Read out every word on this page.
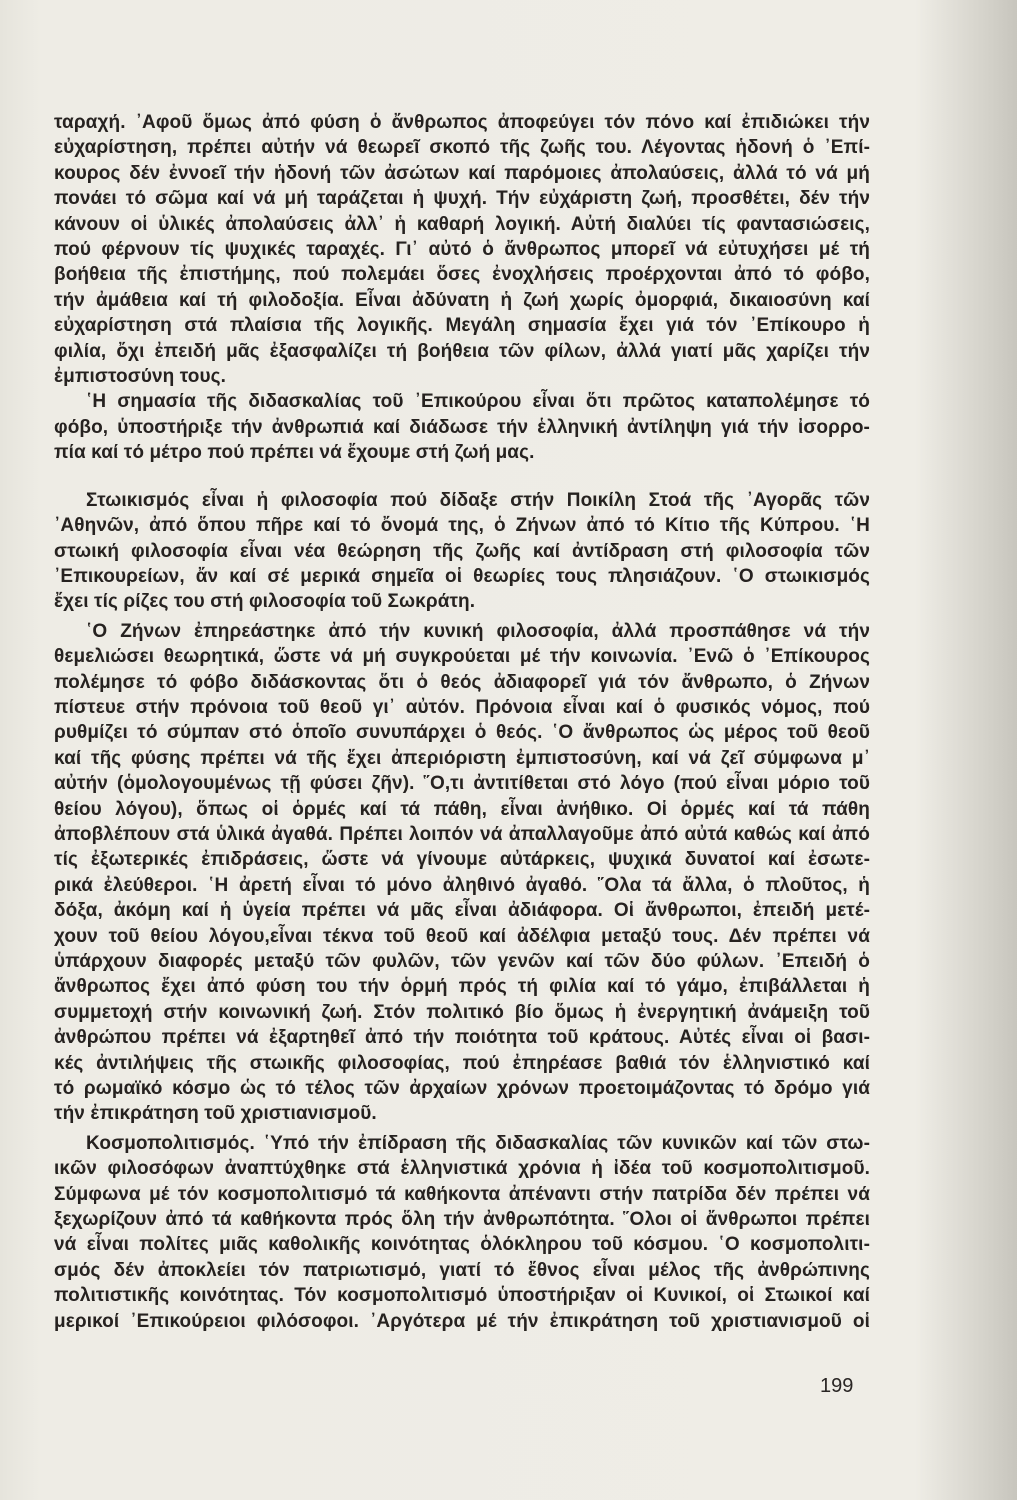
ταραχή. ᾿Αφοῦ ὅμως ἀπό φύση ὁ ἄνθρωπος ἀποφεύγει τόν πόνο καί ἐπιδιώκει τήν
εὐχαρίστηση, πρέπει αὐτήν νά θεωρεῖ σκοπό τῆς ζωῆς του. Λέγοντας ἡδονή ὁ ᾿Επί-
κουρος δέν ἐννοεῖ τήν ἡδονή τῶν ἀσώτων καί παρόμοιες ἀπολαύσεις, ἀλλά τό νά μή
πονάει τό σῶμα καί νά μή ταράζεται ἡ ψυχή. Τήν εὐχάριστη ζωή, προσθέτει, δέν τήν
κάνουν οἱ ὑλικές ἀπολαύσεις ἀλλ᾿ ἡ καθαρή λογική. Αὐτή διαλύει τίς φαντασιώσεις,
πού φέρνουν τίς ψυχικές ταραχές. Γι᾿ αὐτό ὁ ἄνθρωπος μπορεῖ νά εὐτυχήσει μέ τή
βοήθεια τῆς ἐπιστήμης, πού πολεμάει ὅσες ἐνοχλήσεις προέρχονται ἀπό τό φόβο,
τήν ἀμάθεια καί τή φιλοδοξία. Εἶναι ἀδύνατη ἡ ζωή χωρίς ὀμορφιά, δικαιοσύνη καί
εὐχαρίστηση στά πλαίσια τῆς λογικῆς. Μεγάλη σημασία ἔχει γιά τόν ᾿Επίκουρο ἡ
φιλία, ὄχι ἐπειδή μᾶς ἐξασφαλίζει τή βοήθεια τῶν φίλων, ἀλλά γιατί μᾶς χαρίζει τήν
ἐμπιστοσύνη τους.
῾Η σημασία τῆς διδασκαλίας τοῦ ᾿Επικούρου εἶναι ὅτι πρῶτος καταπολέμησε τό
φόβο, ὑποστήριξε τήν ἀνθρωπιά καί διάδωσε τήν ἑλληνική ἀντίληψη γιά τήν ἰσορρο-
πία καί τό μέτρο πού πρέπει νά ἔχουμε στή ζωή μας.
Στωικισμός εἶναι ἡ φιλοσοφία πού δίδαξε στήν Ποικίλη Στοά τῆς ᾿Αγορᾶς τῶν
᾿Αθηνῶν, ἀπό ὅπου πῆρε καί τό ὄνομά της, ὁ Ζήνων ἀπό τό Κίτιο τῆς Κύπρου. ῾Η
στωική φιλοσοφία εἶναι νέα θεώρηση τῆς ζωῆς καί ἀντίδραση στή φιλοσοφία τῶν
᾿Επικουρείων, ἄν καί σέ μερικά σημεῖα οἱ θεωρίες τους πλησιάζουν. ῾Ο στωικισμός
ἔχει τίς ρίζες του στή φιλοσοφία τοῦ Σωκράτη.
῾Ο Ζήνων ἐπηρεάστηκε ἀπό τήν κυνική φιλοσοφία, ἀλλά προσπάθησε νά τήν
θεμελιώσει θεωρητικά, ὥστε νά μή συγκρούεται μέ τήν κοινωνία. ᾿Ενῶ ὁ ᾿Επίκουρος
πολέμησε τό φόβο διδάσκοντας ὅτι ὁ θεός ἀδιαφορεῖ γιά τόν ἄνθρωπο, ὁ Ζήνων
πίστευε στήν πρόνοια τοῦ θεοῦ γι᾿ αὐτόν. Πρόνοια εἶναι καί ὁ φυσικός νόμος, πού
ρυθμίζει τό σύμπαν στό ὁποῖο συνυπάρχει ὁ θεός. ῾Ο ἄνθρωπος ὡς μέρος τοῦ θεοῦ
καί τῆς φύσης πρέπει νά τῆς ἔχει ἀπεριόριστη ἐμπιστοσύνη, καί νά ζεῖ σύμφωνα μ᾿
αὐτήν (ὁμολογουμένως τῇ φύσει ζῆν). ῞Ο,τι ἀντιτίθεται στό λόγο (πού εἶναι μόριο τοῦ
θείου λόγου), ὅπως οἱ ὁρμές καί τά πάθη, εἶναι ἀνήθικο. Οἱ ὁρμές καί τά πάθη
ἀποβλέπουν στά ὑλικά ἀγαθά. Πρέπει λοιπόν νά ἀπαλλαγοῦμε ἀπό αὐτά καθώς καί ἀπό
τίς ἐξωτερικές ἐπιδράσεις, ὥστε νά γίνουμε αὐτάρκεις, ψυχικά δυνατοί καί ἐσωτε-
ρικά ἐλεύθεροι. ῾Η ἀρετή εἶναι τό μόνο ἀληθινό ἀγαθό. ῞Ολα τά ἄλλα, ὁ πλοῦτος, ἡ
δόξα, ἀκόμη καί ἡ ὑγεία πρέπει νά μᾶς εἶναι ἀδιάφορα. Οἱ ἄνθρωποι, ἐπειδή μετέ-
χουν τοῦ θείου λόγου,εἶναι τέκνα τοῦ θεοῦ καί ἀδέλφια μεταξύ τους. Δέν πρέπει νά
ὑπάρχουν διαφορές μεταξύ τῶν φυλῶν, τῶν γενῶν καί τῶν δύο φύλων. ᾿Επειδή ὁ
ἄνθρωπος ἔχει ἀπό φύση του τήν ὁρμή πρός τή φιλία καί τό γάμο, ἐπιβάλλεται ἡ
συμμετοχή στήν κοινωνική ζωή. Στόν πολιτικό βίο ὅμως ἡ ἐνεργητική ἀνάμειξη τοῦ
ἀνθρώπου πρέπει νά ἐξαρτηθεῖ ἀπό τήν ποιότητα τοῦ κράτους. Αὐτές εἶναι οἱ βασι-
κές ἀντιλήψεις τῆς στωικῆς φιλοσοφίας, πού ἐπηρέασε βαθιά τόν ἑλληνιστικό καί
τό ρωμαϊκό κόσμο ὡς τό τέλος τῶν ἀρχαίων χρόνων προετοιμάζοντας τό δρόμο γιά
τήν ἐπικράτηση τοῦ χριστιανισμοῦ.
Κοσμοπολιτισμός. ῾Υπό τήν ἐπίδραση τῆς διδασκαλίας τῶν κυνικῶν καί τῶν στω-
ικῶν φιλοσόφων ἀναπτύχθηκε στά ἑλληνιστικά χρόνια ἡ ἰδέα τοῦ κοσμοπολιτισμοῦ.
Σύμφωνα μέ τόν κοσμοπολιτισμό τά καθήκοντα ἀπέναντι στήν πατρίδα δέν πρέπει νά
ξεχωρίζουν ἀπό τά καθήκοντα πρός ὅλη τήν ἀνθρωπότητα. ῞Ολοι οἱ ἄνθρωποι πρέπει
νά εἶναι πολίτες μιᾶς καθολικῆς κοινότητας ὁλόκληρου τοῦ κόσμου. ῾Ο κοσμοπολιτι-
σμός δέν ἀποκλείει τόν πατριωτισμό, γιατί τό ἔθνος εἶναι μέλος τῆς ἀνθρώπινης
πολιτιστικῆς κοινότητας. Τόν κοσμοπολιτισμό ὑποστήριξαν οἱ Κυνικοί, οἱ Στωικοί καί
μερικοί ᾿Επικούρειοι φιλόσοφοι. ᾿Αργότερα μέ τήν ἐπικράτηση τοῦ χριστιανισμοῦ οἱ
199
